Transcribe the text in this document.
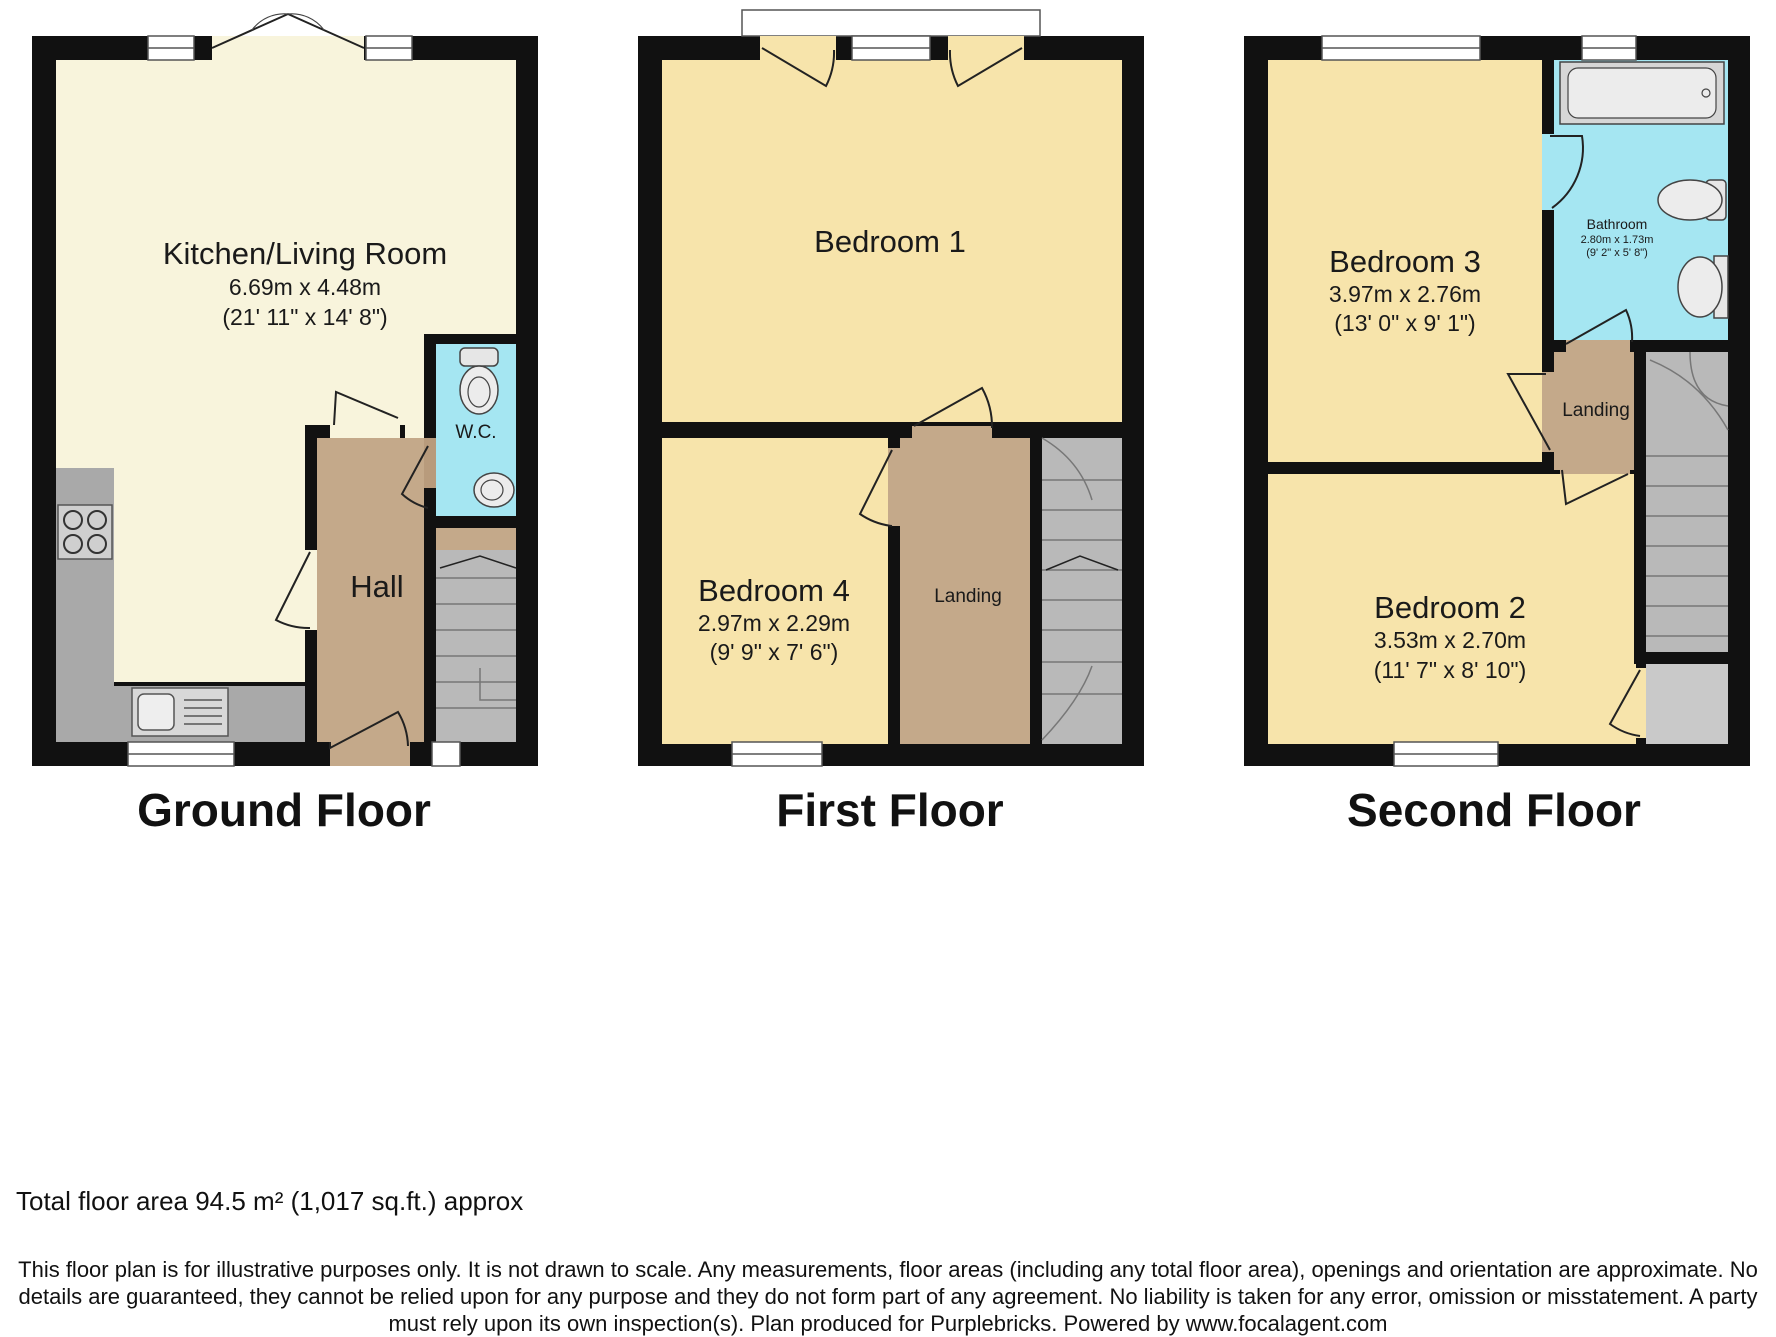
Kitchen/Living Room
6.69m x 4.48m
(21' 11" x 14' 8")
W.C.
Hall
Ground Floor
Bedroom 1
Bedroom 4
2.97m x 2.29m
(9' 9" x 7' 6")
Landing
First Floor
Bedroom 3
3.97m x 2.76m
(13' 0" x 9' 1")
Bathroom
2.80m x 1.73m
(9' 2" x 5' 8")
Landing
Bedroom 2
3.53m x 2.70m
(11' 7" x 8' 10")
Second Floor
Total floor area 94.5 m² (1,017 sq.ft.) approx
This floor plan is for illustrative purposes only. It is not drawn to scale. Any measurements, floor areas (including any total floor area), openings and orientation are approximate. No details are guaranteed, they cannot be relied upon for any purpose and they do not form part of any agreement. No liability is taken for any error, omission or misstatement. A party must rely upon its own inspection(s). Plan produced for Purplebricks. Powered by www.focalagent.com
